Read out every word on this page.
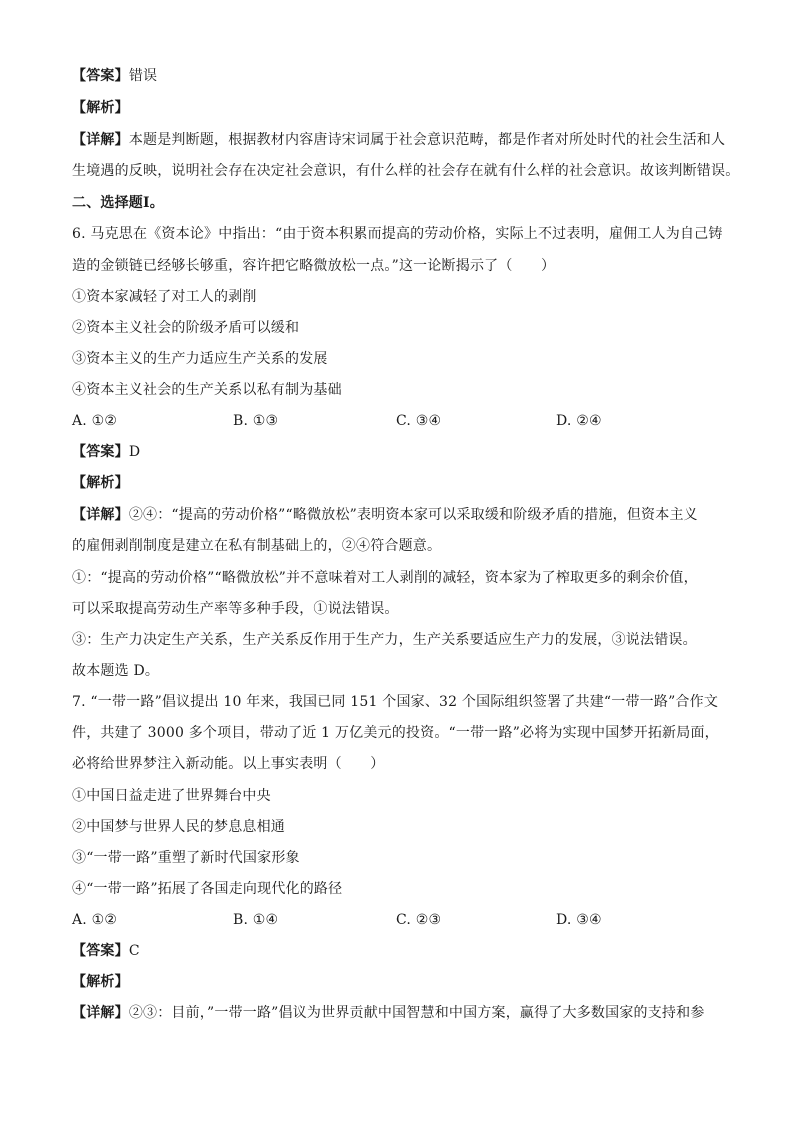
【答案】错误
【解析】
【详解】本题是判断题，根据教材内容唐诗宋词属于社会意识范畴，都是作者对所处时代的社会生活和人
生境遇的反映，说明社会存在决定社会意识，有什么样的社会存在就有什么样的社会意识。故该判断错误。
二、选择题Ⅰ。
6. 马克思在《资本论》中指出：“由于资本积累而提高的劳动价格，实际上不过表明，雇佣工人为自己铸
造的金锁链已经够长够重，容许把它略微放松一点。”这一论断揭示了（　　）
①资本家减轻了对工人的剥削
②资本主义社会的阶级矛盾可以缓和
③资本主义的生产力适应生产关系的发展
④资本主义社会的生产关系以私有制为基础
A. ①②	B. ①③	C. ③④	D. ②④
【答案】D
【解析】
【详解】②④：“提高的劳动价格”“略微放松”表明资本家可以采取缓和阶级矛盾的措施，但资本主义
的雇佣剥削制度是建立在私有制基础上的，②④符合题意。
①：“提高的劳动价格”“略微放松”并不意味着对工人剥削的减轻，资本家为了榨取更多的剩余价值，
可以采取提高劳动生产率等多种手段，①说法错误。
③：生产力决定生产关系，生产关系反作用于生产力，生产关系要适应生产力的发展，③说法错误。
故本题选 D。
7. “一带一路”倡议提出 10 年来，我国已同 151 个国家、32 个国际组织签署了共建“一带一路”合作文
件，共建了 3000 多个项目，带动了近 1 万亿美元的投资。“一带一路”必将为实现中国梦开拓新局面，
必将给世界梦注入新动能。以上事实表明（　　）
①中国日益走进了世界舞台中央
②中国梦与世界人民的梦息息相通
③“一带一路”重塑了新时代国家形象
④“一带一路”拓展了各国走向现代化的路径
A. ①②	B. ①④	C. ②③	D. ③④
【答案】C
【解析】
【详解】②③：目前，”一带一路”倡议为世界贡献中国智慧和中国方案，赢得了大多数国家的支持和参
